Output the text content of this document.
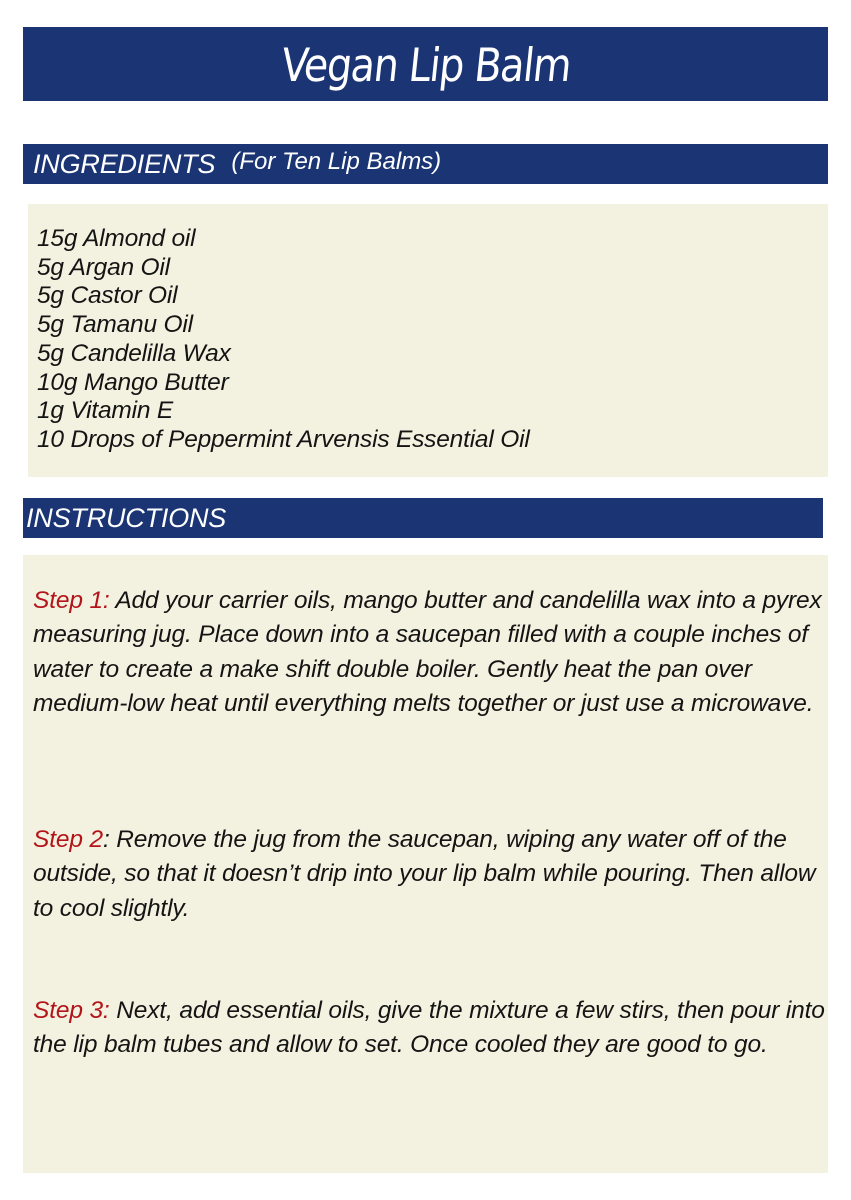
Vegan Lip Balm
INGREDIENTS (For Ten Lip Balms)
15g Almond oil
5g Argan Oil
5g Castor Oil
5g Tamanu Oil
5g Candelilla Wax
10g Mango Butter
1g Vitamin E
10 Drops of Peppermint Arvensis Essential Oil
INSTRUCTIONS

Step 1: Add your carrier oils, mango butter and candelilla wax into a pyrex measuring jug. Place down into a saucepan filled with a couple inches of water to create a make shift double boiler. Gently heat the pan over medium-low heat until everything melts together or just use a microwave.

Step 2: Remove the jug from the saucepan, wiping any water off of the outside, so that it doesn’t drip into your lip balm while pouring. Then allow to cool slightly.

Step 3: Next, add essential oils, give the mixture a few stirs, then pour into the lip balm tubes and allow to set. Once cooled they are good to go.
